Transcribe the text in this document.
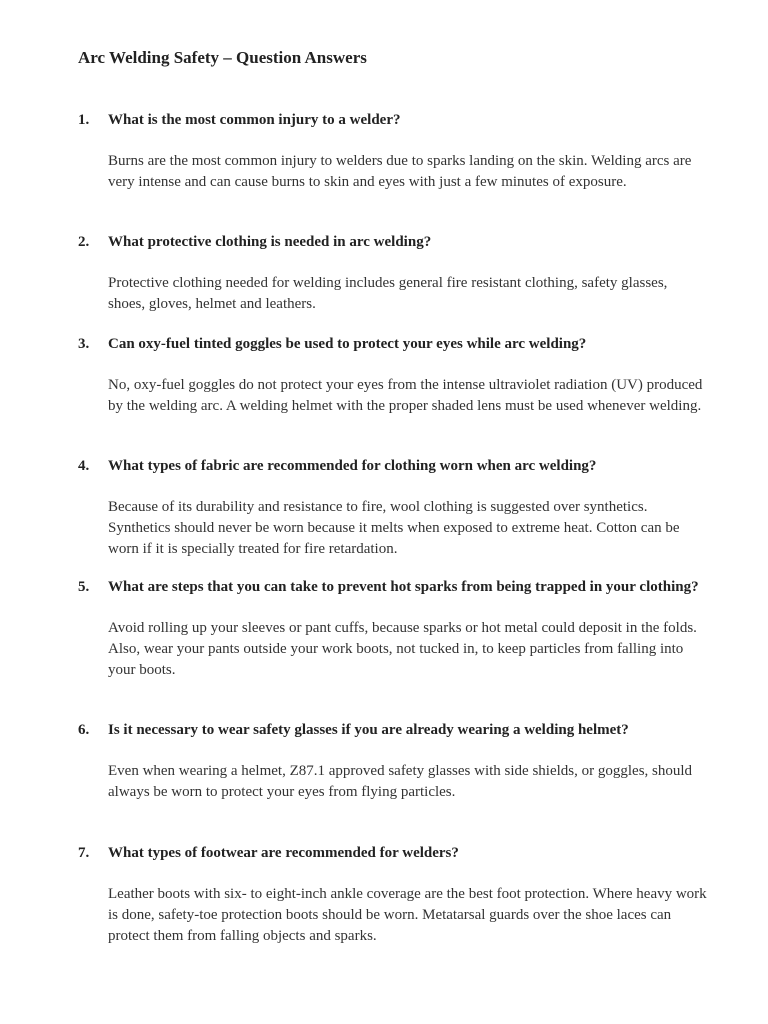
Arc Welding Safety – Question Answers

1.	What is the most common injury to a welder?

Burns are the most common injury to welders due to sparks landing on the skin. Welding arcs are very intense and can cause burns to skin and eyes with just a few minutes of exposure.

2.	What protective clothing is needed in arc welding?

Protective clothing needed for welding includes general fire resistant clothing, safety glasses, shoes, gloves, helmet and leathers.

3.	Can oxy-fuel tinted goggles be used to protect your eyes while arc welding?

No, oxy-fuel goggles do not protect your eyes from the intense ultraviolet radiation (UV) produced by the welding arc. A welding helmet with the proper shaded lens must be used whenever welding.

4.	What types of fabric are recommended for clothing worn when arc welding?

Because of its durability and resistance to fire, wool clothing is suggested over synthetics. Synthetics should never be worn because it melts when exposed to extreme heat. Cotton can be worn if it is specially treated for fire retardation.

5.	What are steps that you can take to prevent hot sparks from being trapped in your clothing?

Avoid rolling up your sleeves or pant cuffs, because sparks or hot metal could deposit in the folds. Also, wear your pants outside your work boots, not tucked in, to keep particles from falling into your boots.

6.	Is it necessary to wear safety glasses if you are already wearing a welding helmet?

Even when wearing a helmet, Z87.1 approved safety glasses with side shields, or goggles, should always be worn to protect your eyes from flying particles.

7.	What types of footwear are recommended for welders?

Leather boots with six- to eight-inch ankle coverage are the best foot protection. Where heavy work is done, safety-toe protection boots should be worn. Metatarsal guards over the shoe laces can protect them from falling objects and sparks.
